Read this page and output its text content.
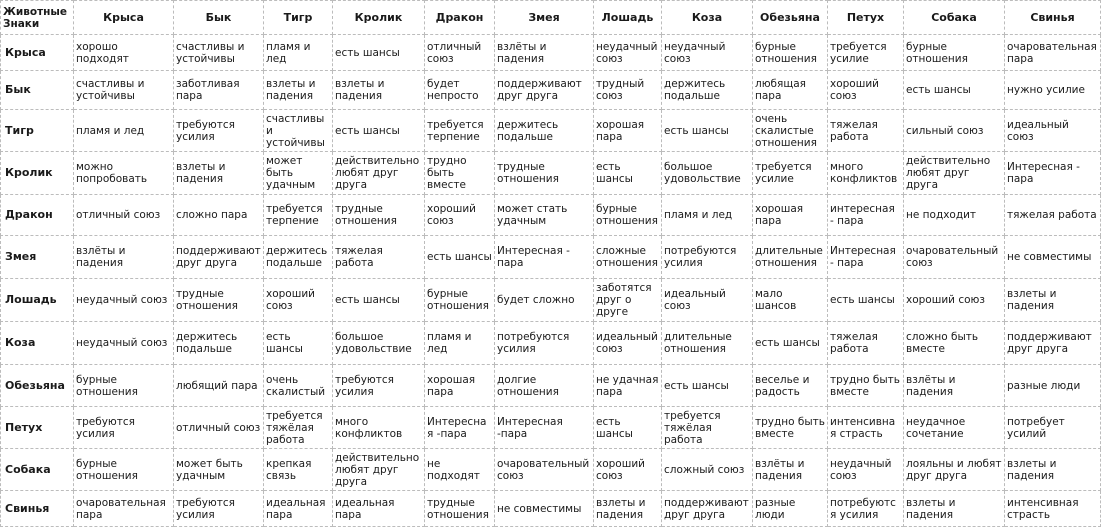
Животные Знаки	Крыса	Бык	Тигр	Кролик	Дракон	Змея	Лошадь	Коза	Обезьяна	Петух	Собака	Свинья
Крыса	хорошо подходят	счастливы и устойчивы	пламя и лед	есть шансы	отличный союз	взлёты и падения	неудачный союз	неудачный союз	бурные отношения	требуется усилие	бурные отношения	очаровательная пара
Бык	счастливы и устойчивы	заботливая пара	взлеты и падения	взлеты и падения	будет непросто	поддерживают друг друга	трудный союз	держитесь подальше	любящая пара	хороший союз	есть шансы	нужно усилие
Тигр	пламя и лед	требуются усилия	счастливы и устойчивы	есть шансы	требуется терпение	держитесь подальше	хорошая пара	есть шансы	очень скалистые отношения	тяжелая работа	сильный союз	идеальный союз
Кролик	можно попробовать	взлеты и падения	может быть удачным	действительно любят друг друга	трудно быть вместе	трудные отношения	есть шансы	большое удовольствие	требуется усилие	много конфликтов	действительно любят друг друга	Интересная - пара
Дракон	отличный союз	сложно пара	требуется терпение	трудные отношения	хороший союз	может стать удачным	бурные отношения	пламя и лед	хорошая пара	интересная - пара	не подходит	тяжелая работа
Змея	взлёты и падения	поддерживают друг друга	держитесь подальше	тяжелая работа	есть шансы	Интересная - пара	сложные отношения	потребуются усилия	длительные отношения	Интересная - пара	очаровательный союз	не совместимы
Лошадь	неудачный союз	трудные отношения	хороший союз	есть шансы	бурные отношения	будет сложно	заботятся друг о друге	идеальный союз	мало шансов	есть шансы	хороший союз	взлеты и падения
Коза	неудачный союз	держитесь подальше	есть шансы	большое удовольствие	пламя и лед	потребуются усилия	идеальный союз	длительные отношения	есть шансы	тяжелая работа	сложно быть вместе	поддерживают друг друга
Обезьяна	бурные отношения	любящий пара	очень скалистый	требуются усилия	хорошая пара	долгие отношения	не удачная пара	есть шансы	веселье и радость	трудно быть вместе	взлёты и падения	разные люди
Петух	требуются усилия	отличный союз	требуется тяжёлая работа	много конфликтов	Интересная -пара	Интересная -пара	есть шансы	требуется тяжёлая работа	трудно быть вместе	интенсивная страсть	неудачное сочетание	потребует усилий
Собака	бурные отношения	может быть удачным	крепкая связь	действительно любят друг друга	не подходят	очаровательный союз	хороший союз	сложный союз	взлёты и падения	неудачный союз	лояльны и любят друг друга	взлеты и падения
Свинья	очаровательная пара	требуются усилия	идеальная пара	идеальная пара	трудные отношения	не совместимы	взлеты и падения	поддерживают друг друга	разные люди	потребуются усилия	взлеты и падения	интенсивная страсть
